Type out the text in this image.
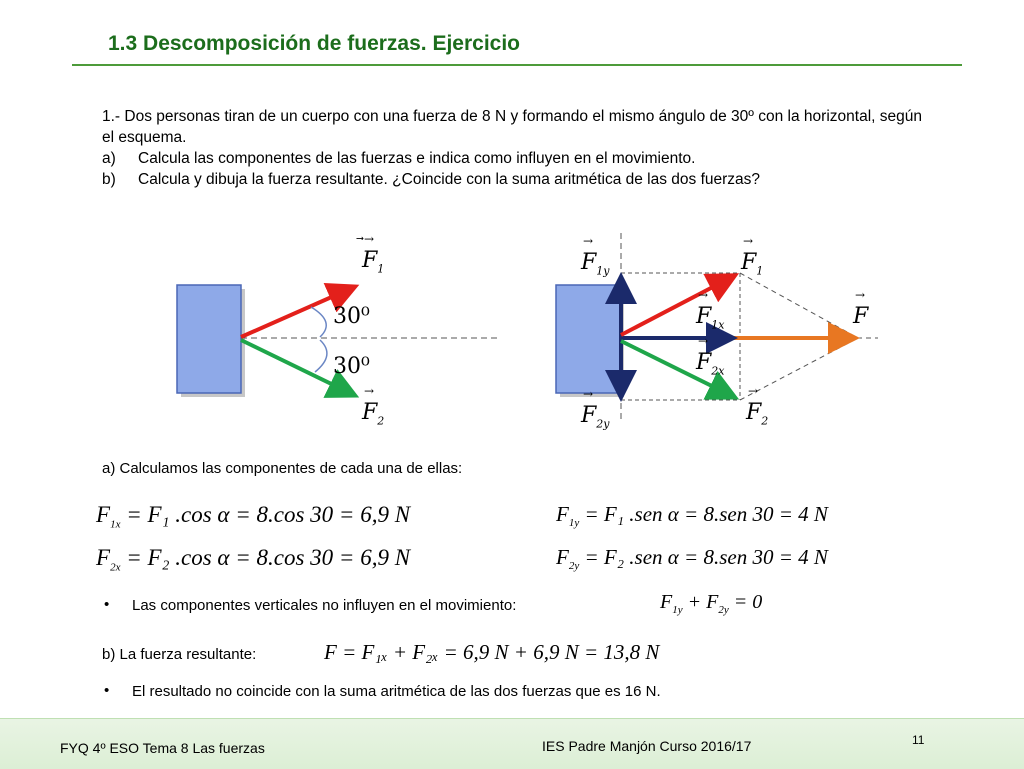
1.3 Descomposición de fuerzas. Ejercicio
1.- Dos personas tiran de un cuerpo con una fuerza de 8 N y formando el mismo ángulo de 30º con la horizontal, según el esquema.
a) Calcula las componentes de las fuerzas e indica como influyen en el movimiento.
b) Calcula y dibuja la fuerza resultante. ¿Coincide con la suma aritmética de las dos fuerzas?
→
$F_1$
30⁰
30⁰
→
$F_2$
→
$F_{1y}$
→
$F_1$
→
$F_{1x}$
→
F
→
$F_{2x}$
→
$F_{2y}$
→
$F_2$
a) Calculamos las componentes de cada una de ellas:
$F_{1x} = F_1$ .cos α = 8.cos 30 = 6,9 N	$F_{1y} = F_1$ .sen α = 8.sen 30 = 4 N
$F_{2x} = F_2$ .cos α = 8.cos 30 = 6,9 N	$F_{2y} = F_2$ .sen α = 8.sen 30 = 4 N
• Las componentes verticales no influyen en el movimiento:	$F_{1y} + F_{2y} = 0$
b) La fuerza resultante:	F = F₁ₓ + F₂ₓ = 6,9 N + 6,9 N = 13,8 N
• El resultado no coincide con la suma aritmética de las dos fuerzas que es 16 N.
FYQ 4º ESO Tema 8 Las fuerzas	IES Padre Manjón Curso 2016/17	11
